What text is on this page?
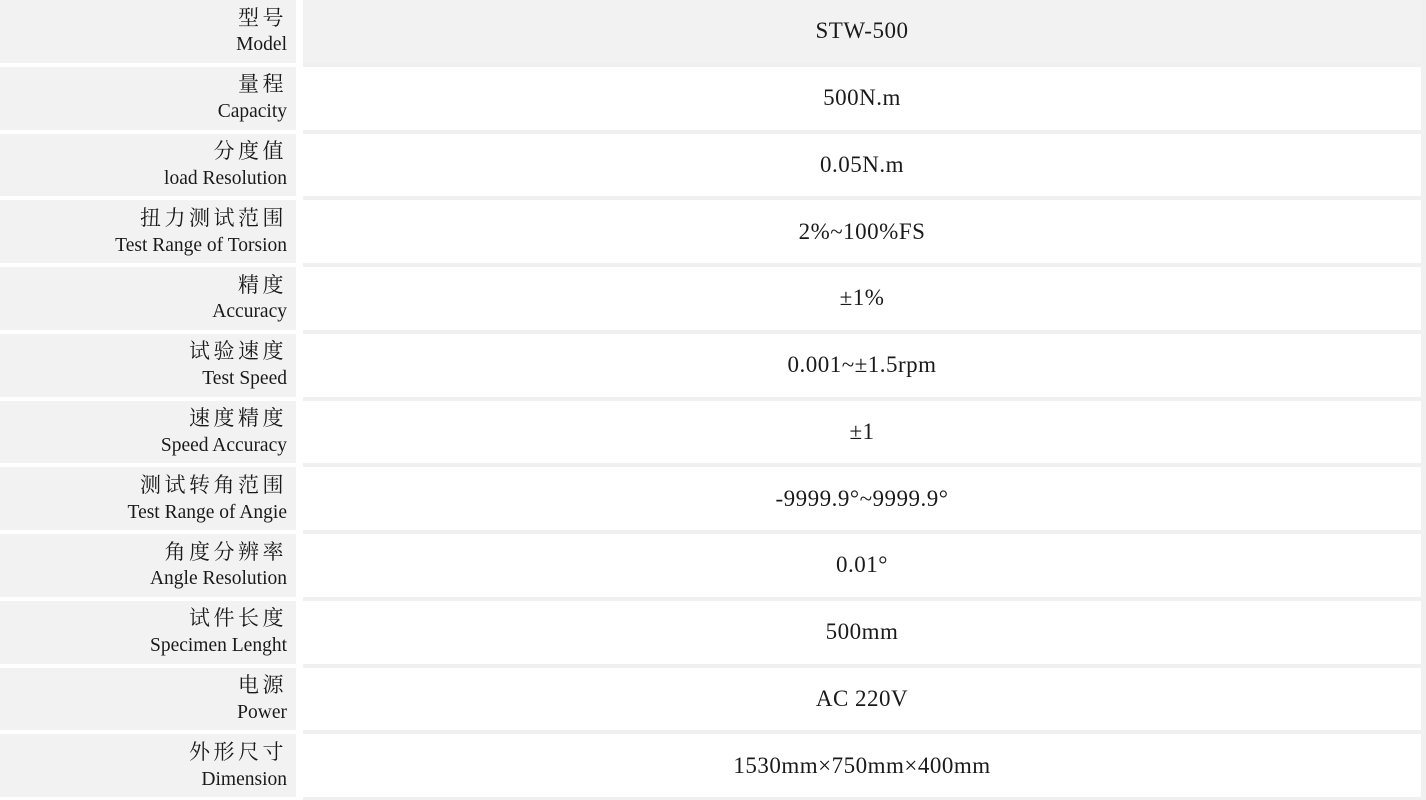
型号
Model
量程
Capacity
分度值
load Resolution
扭力测试范围
Test Range of Torsion
精度
Accuracy
试验速度
Test Speed
速度精度
Speed Accuracy
测试转角范围
Test Range of Angie
角度分辨率
Angle Resolution
试件长度
Specimen Lenght
电源
Power
外形尺寸
Dimension
STW-500
500N.m
0.05N.m
2%~100%FS
±1%
0.001~±1.5rpm
±1
-9999.9°~9999.9°
0.01°
500mm
AC 220V
1530mm×750mm×400mm
